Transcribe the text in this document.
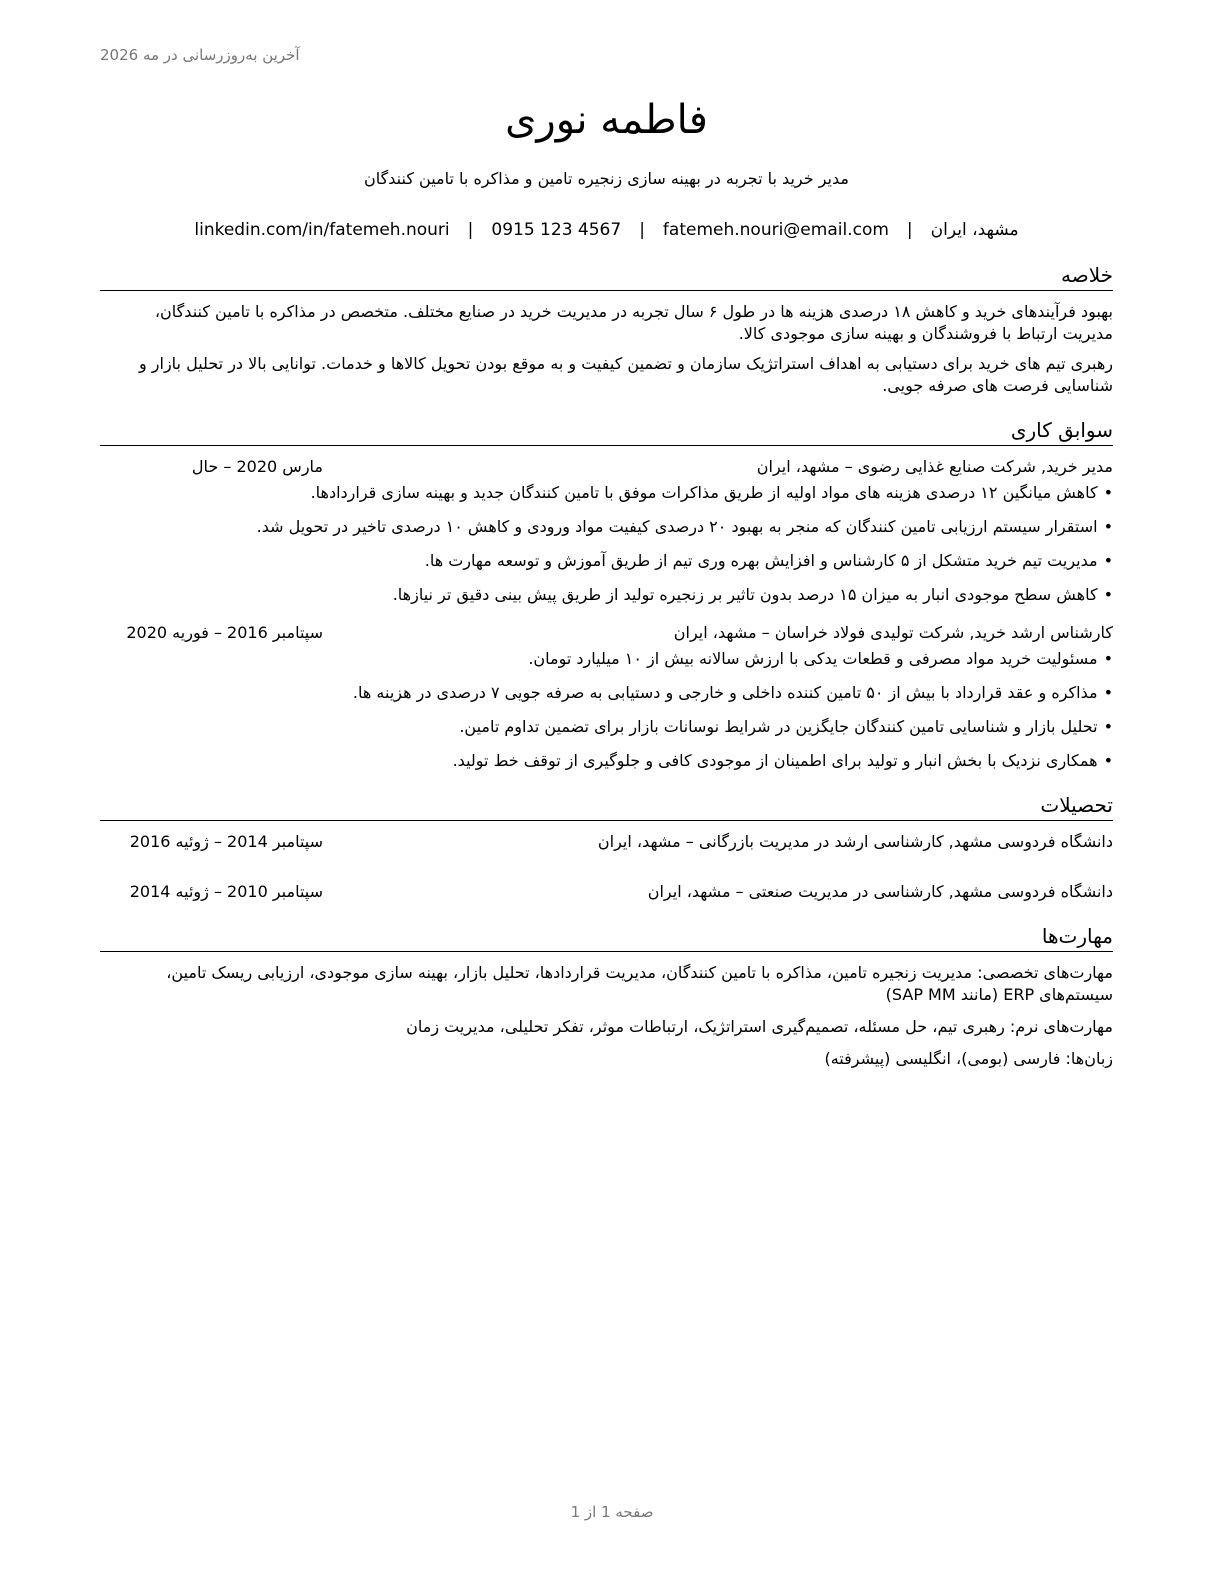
آخرین به‌روزرسانی در مه 2026
فاطمه نوری
مدیر خرید با تجربه در بهینه سازی زنجیره تامین و مذاکره با تامین کنندگان
مشهد، ایران
|
fatemeh.nouri@email.com
|
0915 123 4567
|
linkedin.com/in/fatemeh.nouri
خلاصه

بهبود فرآیندهای خرید و کاهش ۱۸ درصدی هزینه ها در طول ۶ سال تجربه در مدیریت خرید در صنایع مختلف. متخصص در مذاکره با تامین کنندگان، مدیریت ارتباط با فروشندگان و بهینه سازی موجودی کالا.

رهبری تیم های خرید برای دستیابی به اهداف استراتژیک سازمان و تضمین کیفیت و به موقع بودن تحویل کالاها و خدمات. توانایی بالا در تحلیل بازار و شناسایی فرصت های صرفه جویی.

سوابق کاری
مدیر خرید, شرکت صنایع غذایی رضوی – مشهد، ایران
مارس 2020 – حال
•کاهش میانگین ۱۲ درصدی هزینه های مواد اولیه از طریق مذاکرات موفق با تامین کنندگان جدید و بهینه سازی قراردادها.
•استقرار سیستم ارزیابی تامین کنندگان که منجر به بهبود ۲۰ درصدی کیفیت مواد ورودی و کاهش ۱۰ درصدی تاخیر در تحویل شد.
•مدیریت تیم خرید متشکل از ۵ کارشناس و افزایش بهره وری تیم از طریق آموزش و توسعه مهارت ها.
•کاهش سطح موجودی انبار به میزان ۱۵ درصد بدون تاثیر بر زنجیره تولید از طریق پیش بینی دقیق تر نیازها.
کارشناس ارشد خرید, شرکت تولیدی فولاد خراسان – مشهد، ایران
سپتامبر 2016 – فوریه 2020
•مسئولیت خرید مواد مصرفی و قطعات یدکی با ارزش سالانه بیش از ۱۰ میلیارد تومان.
•مذاکره و عقد قرارداد با بیش از ۵۰ تامین کننده داخلی و خارجی و دستیابی به صرفه جویی ۷ درصدی در هزینه ها.
•تحلیل بازار و شناسایی تامین کنندگان جایگزین در شرایط نوسانات بازار برای تضمین تداوم تامین.
•همکاری نزدیک با بخش انبار و تولید برای اطمینان از موجودی کافی و جلوگیری از توقف خط تولید.
تحصیلات
دانشگاه فردوسی مشهد, کارشناسی ارشد در مدیریت بازرگانی – مشهد، ایران
سپتامبر 2014 – ژوئیه 2016
دانشگاه فردوسی مشهد, کارشناسی در مدیریت صنعتی – مشهد، ایران
سپتامبر 2010 – ژوئیه 2014
مهارت‌ها

مهارت‌های تخصصی: مدیریت زنجیره تامین، مذاکره با تامین کنندگان، مدیریت قراردادها، تحلیل بازار، بهینه سازی موجودی، ارزیابی ریسک تامین، سیستم‌های ERP (مانند SAP MM)

مهارت‌های نرم: رهبری تیم، حل مسئله، تصمیم‌گیری استراتژیک، ارتباطات موثر، تفکر تحلیلی، مدیریت زمان

زبان‌ها: فارسی (بومی)، انگلیسی (پیشرفته)

صفحه 1 از 1
